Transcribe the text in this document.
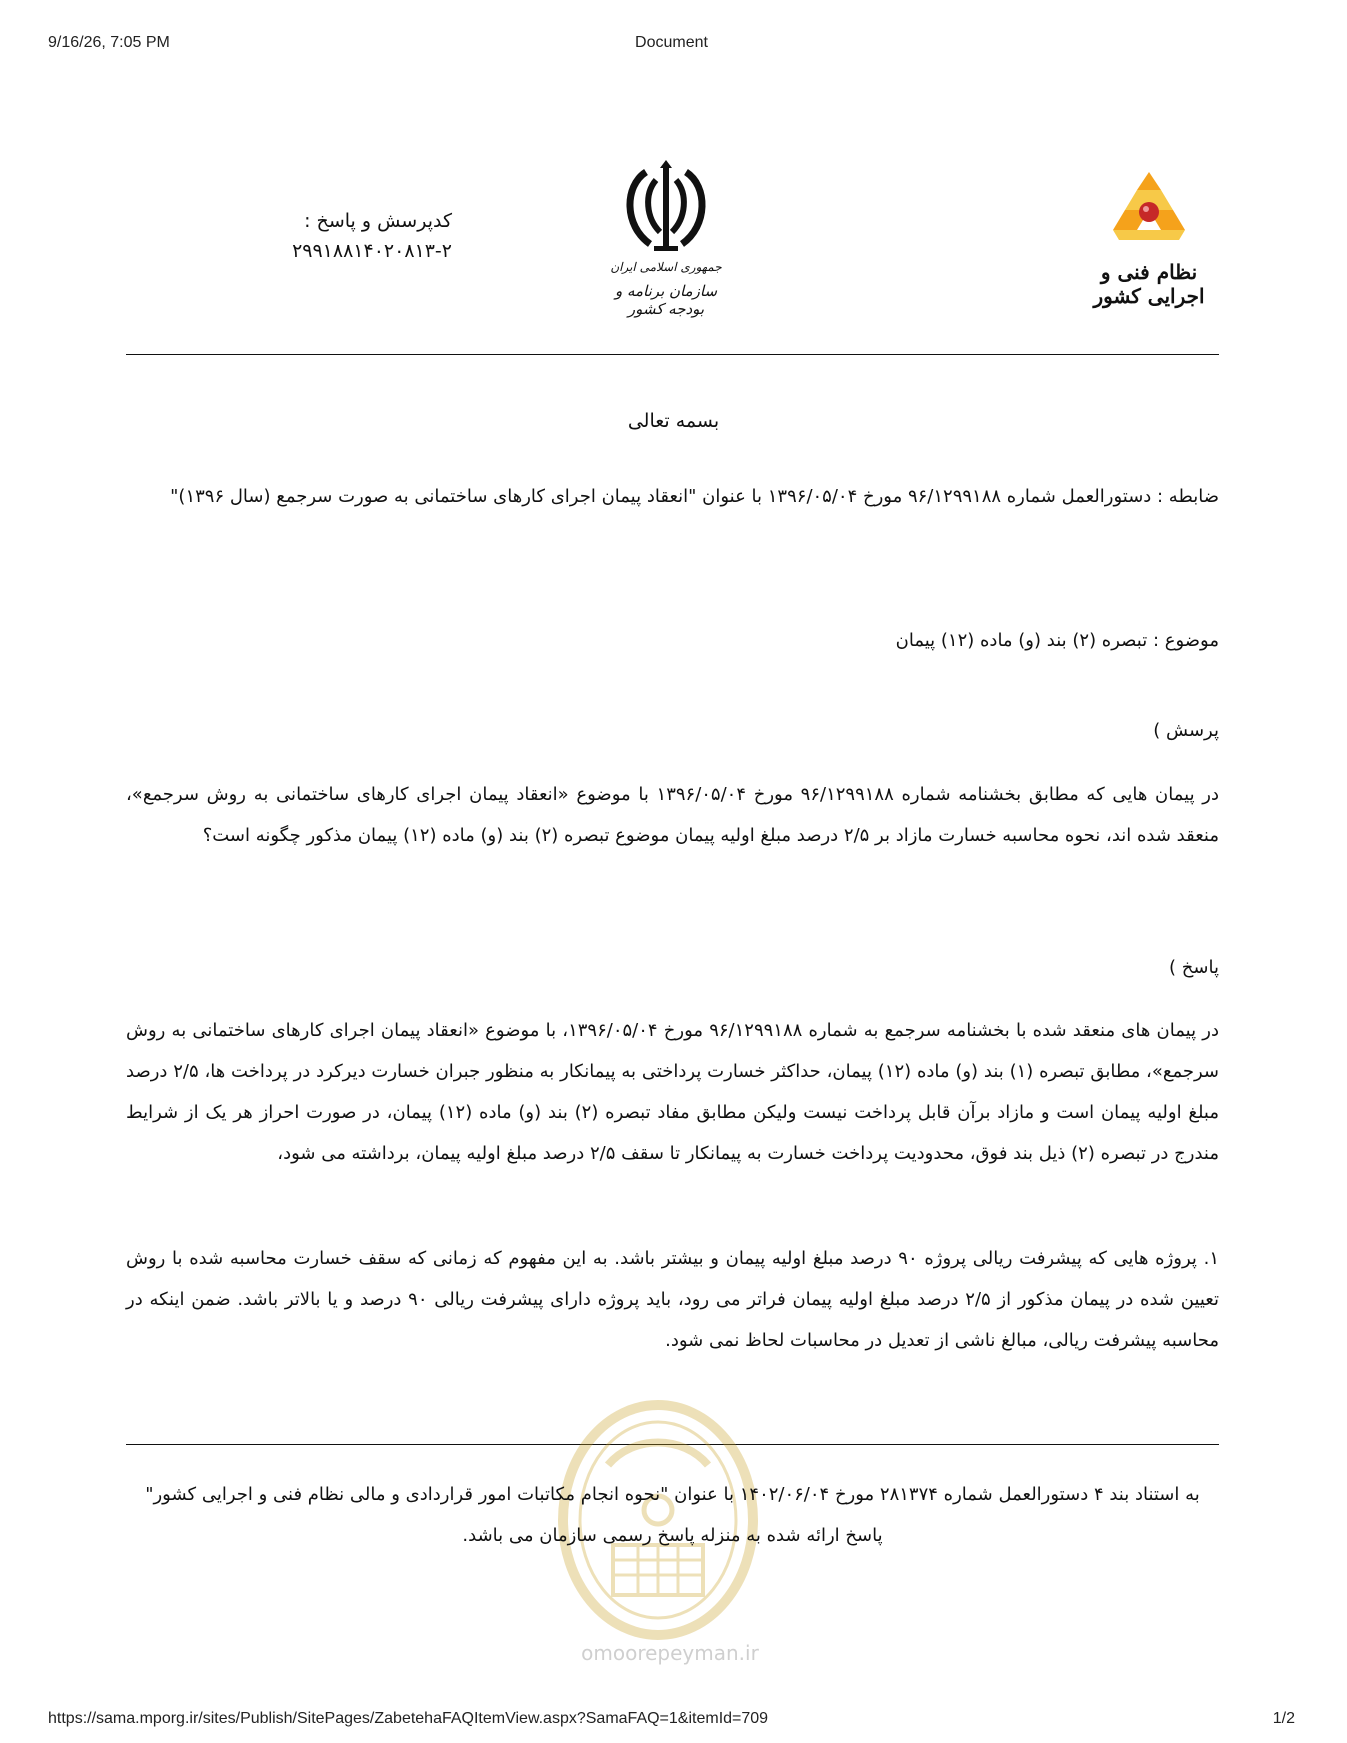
9/16/26, 7:05 PM	Document
نظام فنی و اجرایی کشور
جمهوری اسلامی ایران
سازمان برنامه و بودجه کشور
کدپرسش و پاسخ :
۲۹۹۱۸۸۱۴۰۲۰۸۱۳-۲
بسمه تعالی

ضابطه : دستورالعمل شماره ۹۶/۱۲۹۹۱۸۸ مورخ ۱۳۹۶/۰۵/۰۴ با عنوان "انعقاد پیمان اجرای کارهای ساختمانی به صورت سرجمع (سال ۱۳۹۶)"

موضوع : تبصره (۲) بند (و) ماده (۱۲) پیمان

پرسش )

در پیمان هایی که مطابق بخشنامه شماره ۹۶/۱۲۹۹۱۸۸ مورخ ۱۳۹۶/۰۵/۰۴ با موضوع «انعقاد پیمان اجرای کارهای ساختمانی به روش سرجمع»، منعقد شده اند، نحوه محاسبه خسارت مازاد بر ۲/۵ درصد مبلغ اولیه پیمان موضوع تبصره (۲) بند (و) ماده (۱۲) پیمان مذکور چگونه است؟

پاسخ )

در پیمان های منعقد شده با بخشنامه سرجمع به شماره ۹۶/۱۲۹۹۱۸۸ مورخ ۱۳۹۶/۰۵/۰۴، با موضوع «انعقاد پیمان اجرای کارهای ساختمانی به روش سرجمع»، مطابق تبصره (۱) بند (و) ماده (۱۲) پیمان، حداکثر خسارت پرداختی به پیمانکار به منظور جبران خسارت دیرکرد در پرداخت ها، ۲/۵ درصد مبلغ اولیه پیمان است و مازاد برآن قابل پرداخت نیست ولیکن مطابق مفاد تبصره (۲) بند (و) ماده (۱۲) پیمان، در صورت احراز هر یک از شرایط مندرج در تبصره (۲) ذیل بند فوق، محدودیت پرداخت خسارت به پیمانکار تا سقف ۲/۵ درصد مبلغ اولیه پیمان، برداشته می شود،

۱. پروژه هایی که پیشرفت ریالی پروژه ۹۰ درصد مبلغ اولیه پیمان و بیشتر باشد. به این مفهوم که زمانی که سقف خسارت محاسبه شده با روش تعیین شده در پیمان مذکور از ۲/۵ درصد مبلغ اولیه پیمان فراتر می رود، باید پروژه دارای پیشرفت ریالی ۹۰ درصد و یا بالاتر باشد. ضمن اینکه در محاسبه پیشرفت ریالی، مبالغ ناشی از تعدیل در محاسبات لحاظ نمی شود.

omoorepeyman.ir

به استناد بند ۴ دستورالعمل شماره ۲۸۱۳۷۴ مورخ ۱۴۰۲/۰۶/۰۴ با عنوان "نحوه انجام مکاتبات امور قراردادی و مالی نظام فنی و اجرایی کشور" پاسخ ارائه شده به منزله پاسخ رسمی سازمان می باشد.

https://sama.mporg.ir/sites/Publish/SitePages/ZabetehaFAQItemView.aspx?SamaFAQ=1&itemId=709	1/2
